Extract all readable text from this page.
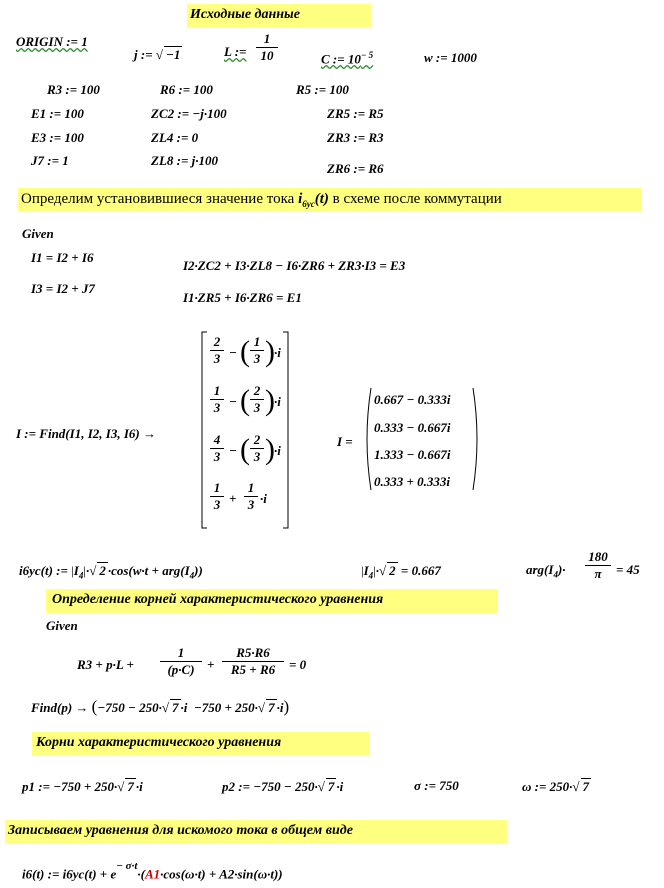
Исходные данные
ORIGIN := 1
j := √ −1	L := $\frac{1}{10}$	C := $10^{- 5}$	w := 1000
R3 := 100	R6 := 100	R5 := 100
E1 := 100	ZC2 := −j·100	ZR5 := R5
E3 := 100	ZL4 := 0	ZR3 := R3
J7 := 1	ZL8 := j·100
ZR6 := R6
Определим установившиеся значение тока $i_{6ус}(t)$ в схеме после коммутации
Given
I1 = I2 + I6
I3 = I2 + J7
I2·ZC2 + I3·ZL8 − I6·ZR6 + ZR3·I3 = E3
I1·ZR5 + I6·ZR6 = E1
I := Find(I1, I2, I3, I6) →
$\frac{2}{3}$ − ( $\frac{1}{3}$ ) ·i
$\frac{1}{3}$ − ( $\frac{2}{3}$ ) ·i
$\frac{4}{3}$ − ( $\frac{2}{3}$ ) ·i
$\frac{1}{3} + \frac{1}{3} \cdot i$
I =
0.667 − 0.333i
0.333 − 0.667i
1.333 − 0.667i
0.333 + 0.333i
i6yc(t) := $|I_4|\cdot√$ $2 \cdot\cos(w\cdot t + arg(I_4))$	$|I_4|\cdot√$ 2 = 0.667	$arg(I_4)\cdot \frac{180}{\pi} = 45$
Определение корней характеристического уравнения
Given
$R3 + p\cdot L + \frac{1}{(p\cdot C)} + \frac{R5\cdot R6}{R5 + R6} = 0$
Find(p) → (−750 − 250·√ 7 ·i −750 + 250·√ 7 ·i)
Корни характеристического уравнения
p1 := −750 + 250·√ 7 ·i	p2 := −750 − 250·√ 7 ·i	σ := 750	ω := 250·√ 7
Записываем уравнения для искомого тока в общем виде
i6(t) := $i6yc(t) + e^{- \sigma\cdot t}\cdot(A1\cdot\cos(\omega\cdot t) + A2\cdot\sin(\omega\cdot t))$
